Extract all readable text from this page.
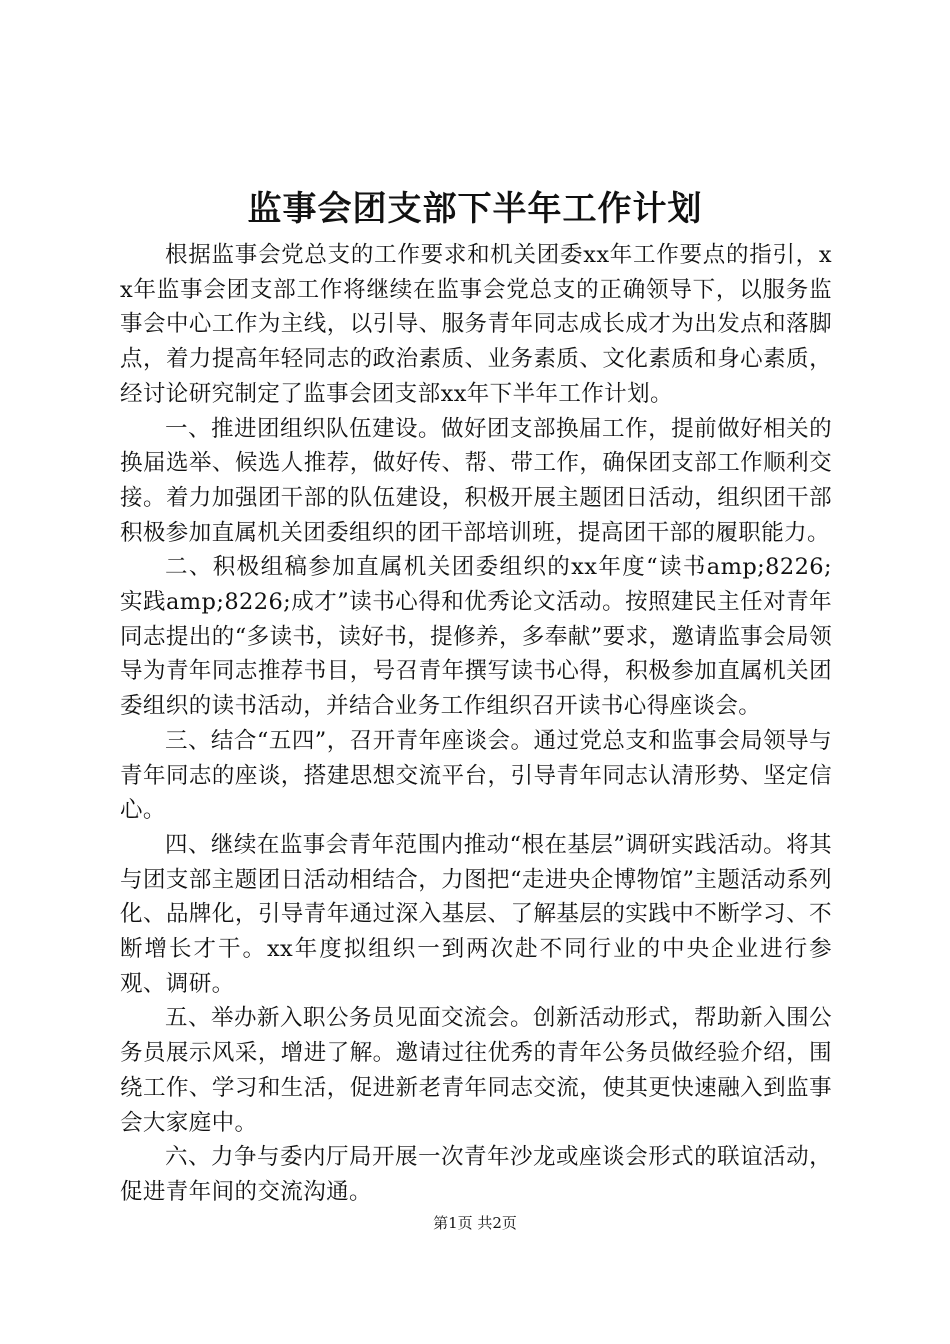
监事会团支部下半年工作计划

根据监事会党总支的工作要求和机关团委xx年工作要点的指引，xx年监事会团支部工作将继续在监事会党总支的正确领导下，以服务监事会中心工作为主线，以引导、服务青年同志成长成才为出发点和落脚点，着力提高年轻同志的政治素质、业务素质、文化素质和身心素质，经讨论研究制定了监事会团支部xx年下半年工作计划。

一、推进团组织队伍建设。做好团支部换届工作，提前做好相关的换届选举、候选人推荐，做好传、帮、带工作，确保团支部工作顺利交接。着力加强团干部的队伍建设，积极开展主题团日活动，组织团干部积极参加直属机关团委组织的团干部培训班，提高团干部的履职能力。

二、积极组稿参加直属机关团委组织的xx年度“读书amp;8226;实践amp;8226;成才”读书心得和优秀论文活动。按照建民主任对青年同志提出的“多读书，读好书，提修养，多奉献”要求，邀请监事会局领导为青年同志推荐书目，号召青年撰写读书心得，积极参加直属机关团委组织的读书活动，并结合业务工作组织召开读书心得座谈会。

三、结合“五四”，召开青年座谈会。通过党总支和监事会局领导与青年同志的座谈，搭建思想交流平台，引导青年同志认清形势、坚定信心。

四、继续在监事会青年范围内推动“根在基层”调研实践活动。将其与团支部主题团日活动相结合，力图把“走进央企博物馆”主题活动系列化、品牌化，引导青年通过深入基层、了解基层的实践中不断学习、不断增长才干。xx年度拟组织一到两次赴不同行业的中央企业进行参观、调研。

五、举办新入职公务员见面交流会。创新活动形式，帮助新入围公务员展示风采，增进了解。邀请过往优秀的青年公务员做经验介绍，围绕工作、学习和生活，促进新老青年同志交流，使其更快速融入到监事会大家庭中。

六、力争与委内厅局开展一次青年沙龙或座谈会形式的联谊活动，促进青年间的交流沟通。

第1页 共2页
